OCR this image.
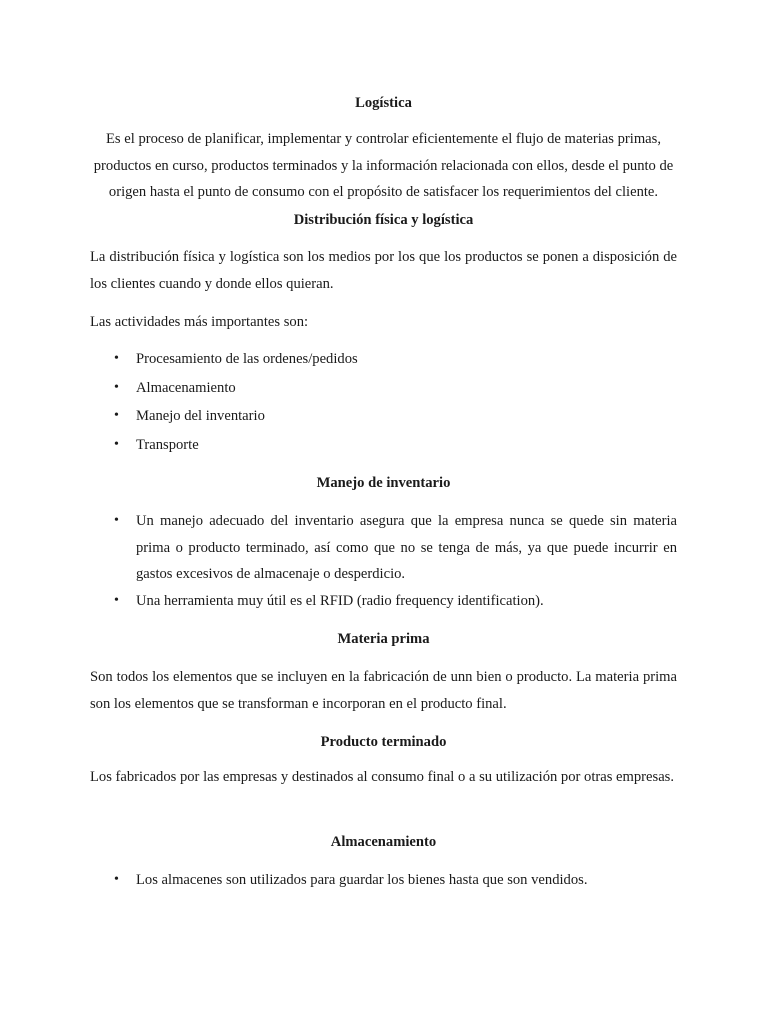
Logística

Es el proceso de planificar, implementar y controlar eficientemente el flujo de materias primas, productos en curso, productos terminados y la información relacionada con ellos, desde el punto de origen hasta el punto de consumo con el propósito de satisfacer los requerimientos del cliente.

Distribución física y logística

La distribución física y logística son los medios por los que los productos se ponen a disposición de los clientes cuando y donde ellos quieran.

Las actividades más importantes son:

• Procesamiento de las ordenes/pedidos
• Almacenamiento
• Manejo del inventario
• Transporte
Manejo de inventario
• Un manejo adecuado del inventario asegura que la empresa nunca se quede sin materia prima o producto terminado, así como que no se tenga de más, ya que puede incurrir en gastos excesivos de almacenaje o desperdicio.
• Una herramienta muy útil es el RFID (radio frequency identification).
Materia prima

Son todos los elementos que se incluyen en la fabricación de unn bien o producto. La materia prima son los elementos que se transforman e incorporan en el producto final.

Producto terminado

Los fabricados por las empresas y destinados al consumo final o a su utilización por otras empresas.

Almacenamiento
• Los almacenes son utilizados para guardar los bienes hasta que son vendidos.
